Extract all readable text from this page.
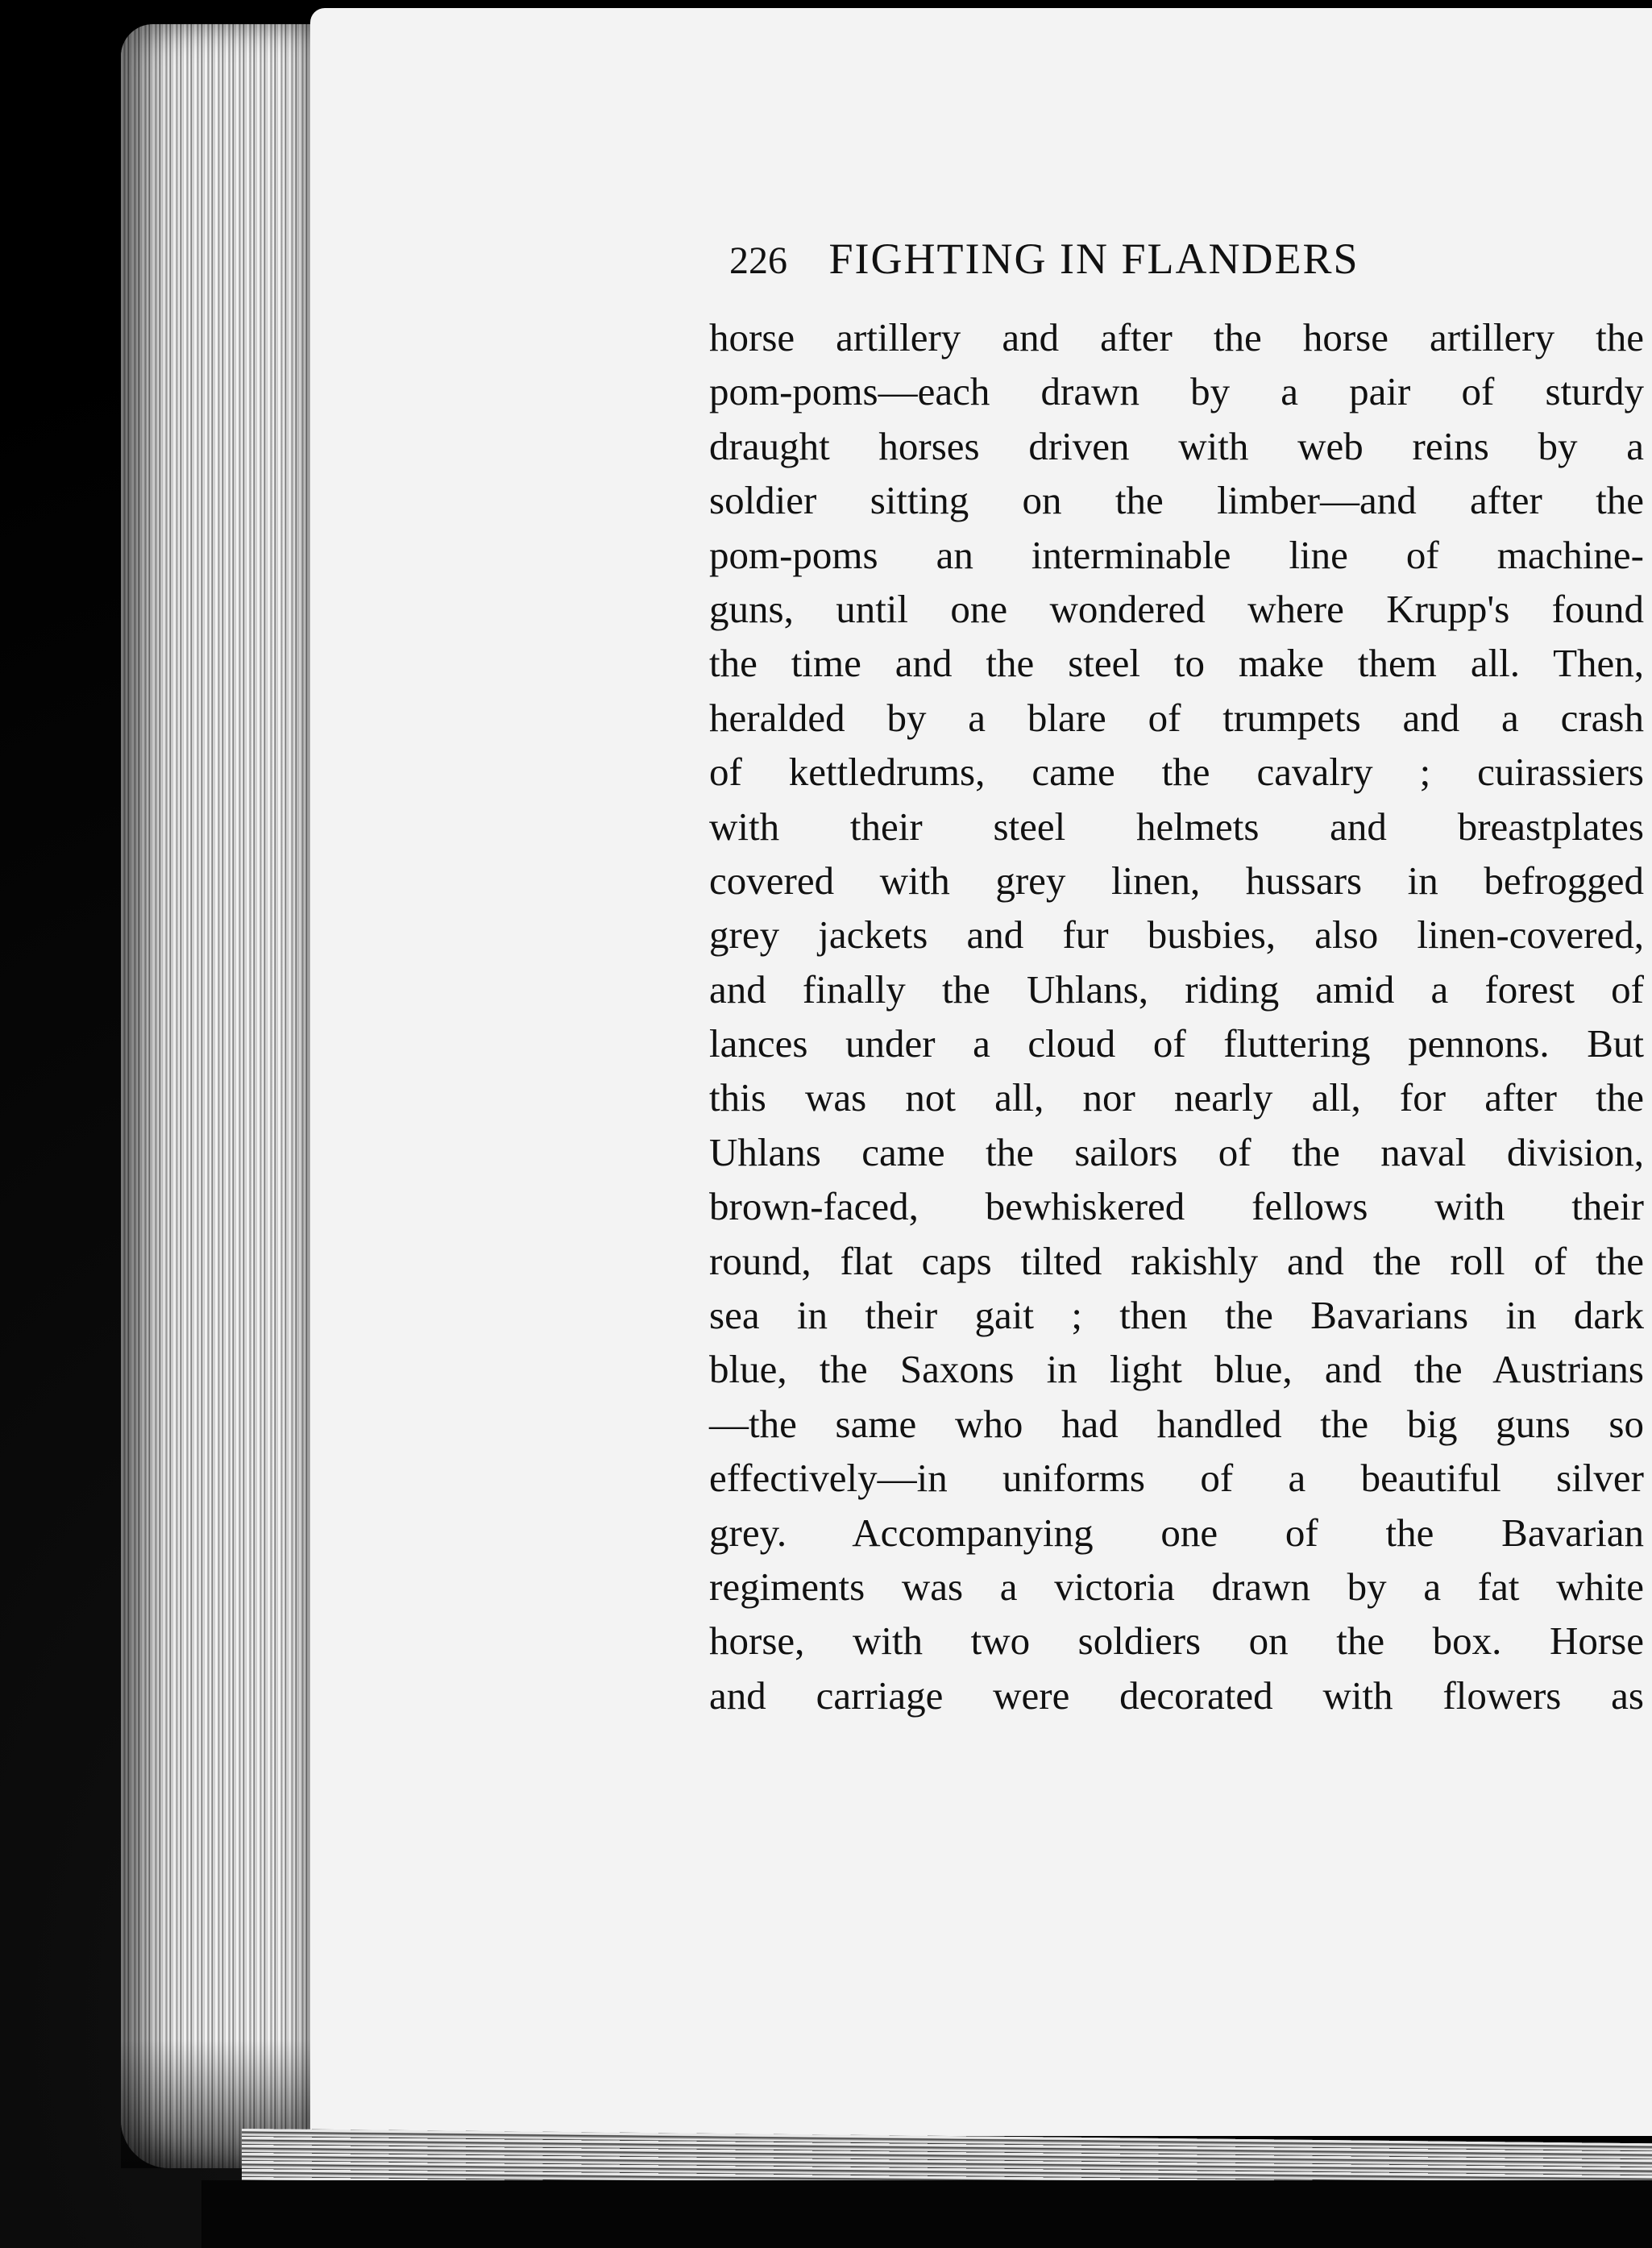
226 FIGHTING IN FLANDERS
horse artillery and after the horse artillery the
pom-poms—each drawn by a pair of sturdy
draught horses driven with web reins by a
soldier sitting on the limber—and after the
pom-poms an interminable line of machine-
guns, until one wondered where Krupp's found
the time and the steel to make them all. Then,
heralded by a blare of trumpets and a crash
of kettledrums, came the cavalry ; cuirassiers
with their steel helmets and breastplates
covered with grey linen, hussars in befrogged
grey jackets and fur busbies, also linen-covered,
and finally the Uhlans, riding amid a forest of
lances under a cloud of fluttering pennons. But
this was not all, nor nearly all, for after the
Uhlans came the sailors of the naval division,
brown-faced, bewhiskered fellows with their
round, flat caps tilted rakishly and the roll of the
sea in their gait ; then the Bavarians in dark
blue, the Saxons in light blue, and the Austrians
—the same who had handled the big guns so
effectively—in uniforms of a beautiful silver
grey. Accompanying one of the Bavarian
regiments was a victoria drawn by a fat white
horse, with two soldiers on the box. Horse
and carriage were decorated with flowers as
